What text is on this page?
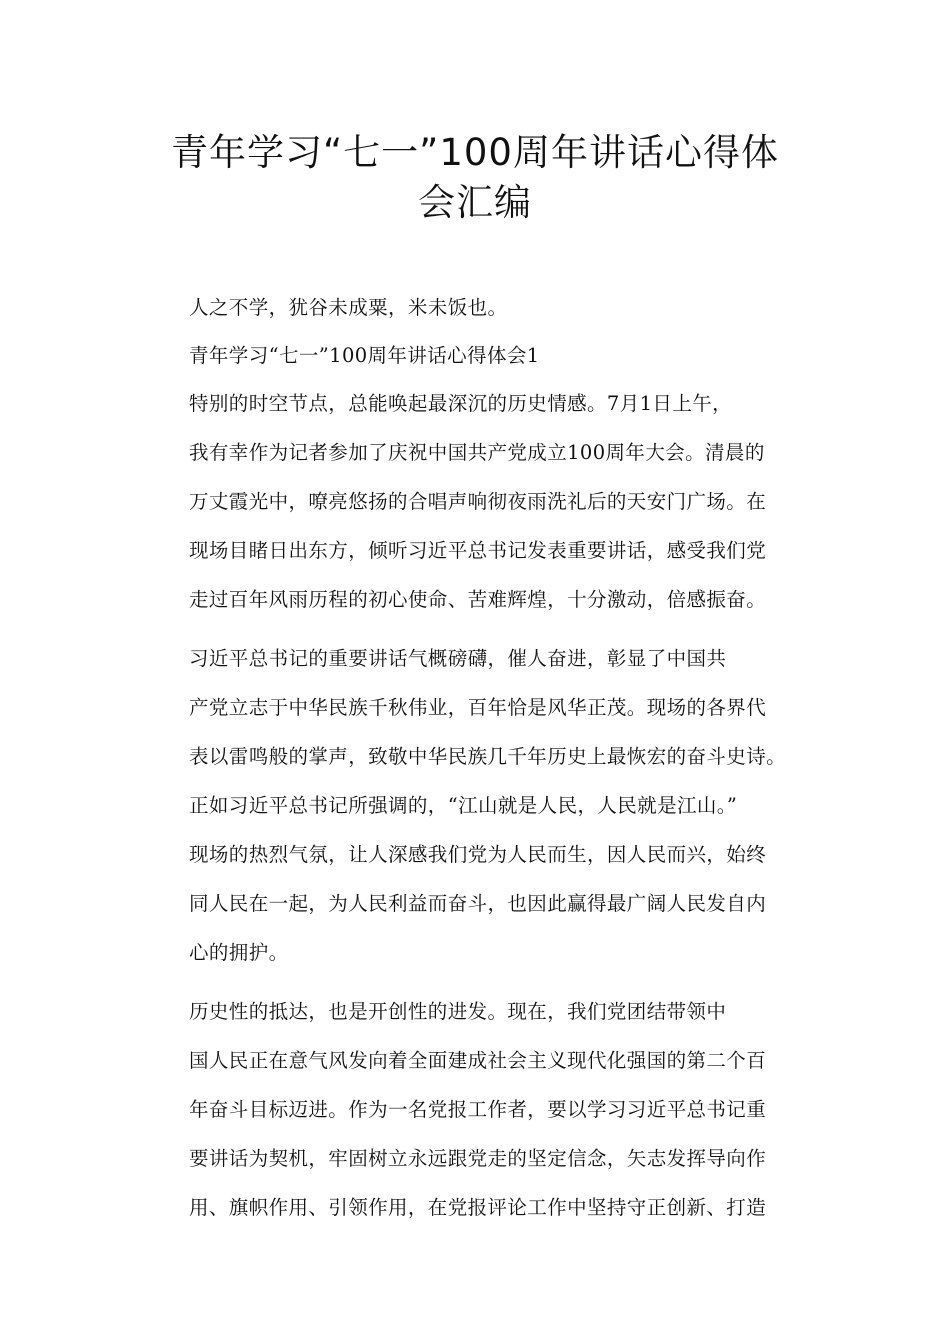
青年学习“七一”100周年讲话心得体
会汇编

人之不学，犹谷未成粟，米未饭也。

青年学习“七一”100周年讲话心得体会1

特别的时空节点，总能唤起最深沉的历史情感。7月1日上午，
我有幸作为记者参加了庆祝中国共产党成立100周年大会。清晨的
万丈霞光中，嘹亮悠扬的合唱声响彻夜雨洗礼后的天安门广场。在
现场目睹日出东方，倾听习近平总书记发表重要讲话，感受我们党
走过百年风雨历程的初心使命、苦难辉煌，十分激动，倍感振奋。

习近平总书记的重要讲话气概磅礴，催人奋进，彰显了中国共
产党立志于中华民族千秋伟业，百年恰是风华正茂。现场的各界代
表以雷鸣般的掌声，致敬中华民族几千年历史上最恢宏的奋斗史诗。
正如习近平总书记所强调的，“江山就是人民，人民就是江山。”
现场的热烈气氛，让人深感我们党为人民而生，因人民而兴，始终
同人民在一起，为人民利益而奋斗，也因此赢得最广阔人民发自内
心的拥护。

历史性的抵达，也是开创性的进发。现在，我们党团结带领中
国人民正在意气风发向着全面建成社会主义现代化强国的第二个百
年奋斗目标迈进。作为一名党报工作者，要以学习习近平总书记重
要讲话为契机，牢固树立永远跟党走的坚定信念，矢志发挥导向作
用、旗帜作用、引领作用，在党报评论工作中坚持守正创新、打造
